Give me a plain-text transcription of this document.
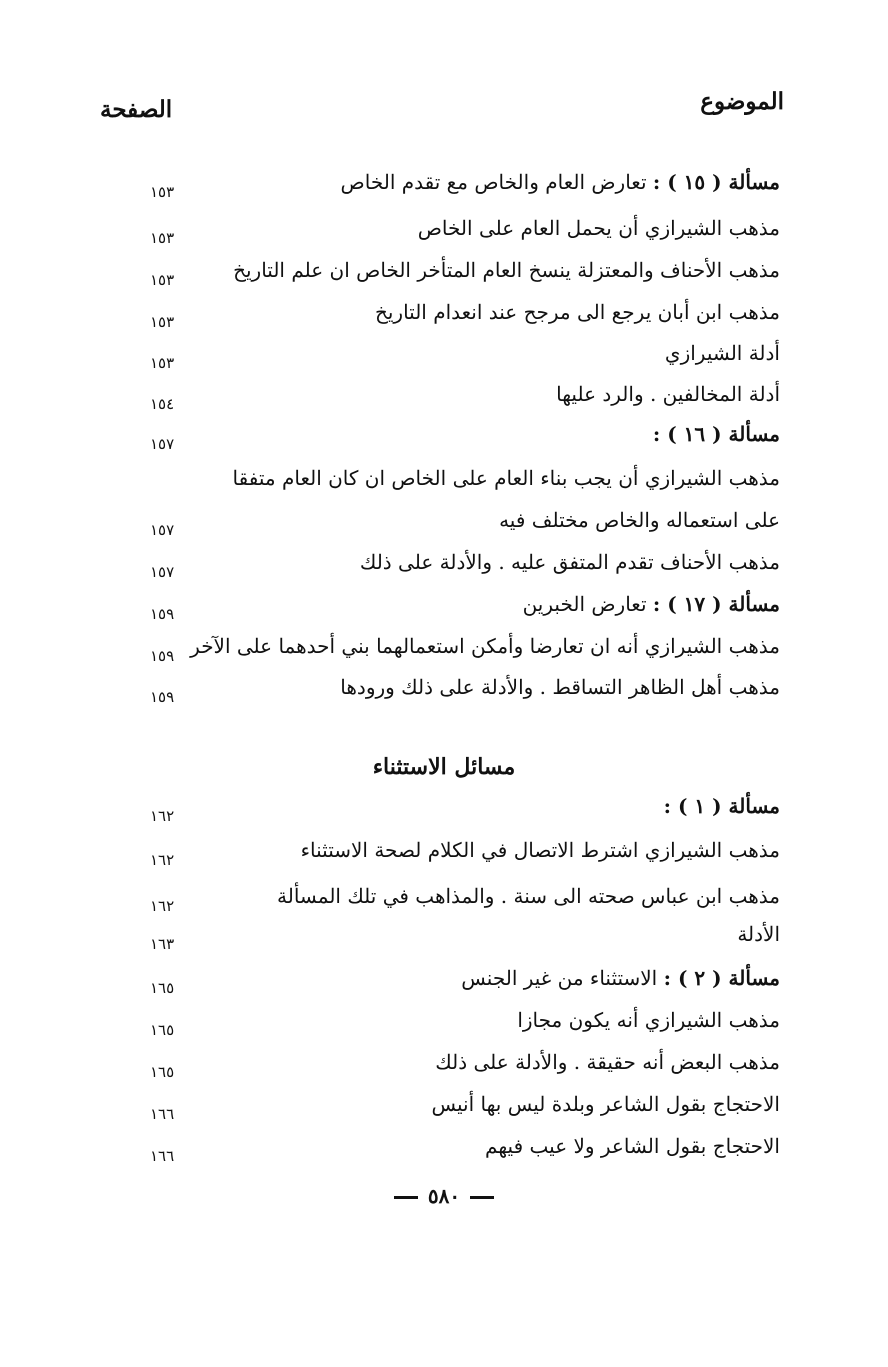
الموضوع
الصفحة
مسألة ( ١٥ ) : تعارض العام والخاص مع تقدم الخاص
١٥٣
مذهب الشيرازي أن يحمل العام على الخاص
١٥٣
مذهب الأحناف والمعتزلة ينسخ العام المتأخر الخاص ان علم التاريخ
١٥٣
مذهب ابن أبان يرجع الى مرجح عند انعدام التاريخ
١٥٣
أدلة الشيرازي
١٥٣
أدلة المخالفين . والرد عليها
١٥٤
مسألة ( ١٦ ) :
١٥٧
مذهب الشيرازي أن يجب بناء العام على الخاص ان كان العام متفقا
على استعماله والخاص مختلف فيه
١٥٧
مذهب الأحناف تقدم المتفق عليه . والأدلة على ذلك
١٥٧
مسألة ( ١٧ ) : تعارض الخبرين
١٥٩
مذهب الشيرازي أنه ان تعارضا وأمكن استعمالهما بني أحدهما على الآخر
١٥٩
مذهب أهل الظاهر التساقط . والأدلة على ذلك ورودها
١٥٩
مسائل الاستثناء
مسألة ( ١ ) :
١٦٢
مذهب الشيرازي اشترط الاتصال في الكلام لصحة الاستثناء
١٦٢
مذهب ابن عباس صحته الى سنة . والمذاهب في تلك المسألة
١٦٢
الأدلة
١٦٣
مسألة ( ٢ ) : الاستثناء من غير الجنس
١٦٥
مذهب الشيرازي أنه يكون مجازا
١٦٥
مذهب البعض أنه حقيقة . والأدلة على ذلك
١٦٥
الاحتجاج بقول الشاعر وبلدة ليس بها أنيس
١٦٦
الاحتجاج بقول الشاعر ولا عيب فيهم
١٦٦
٥٨٠
